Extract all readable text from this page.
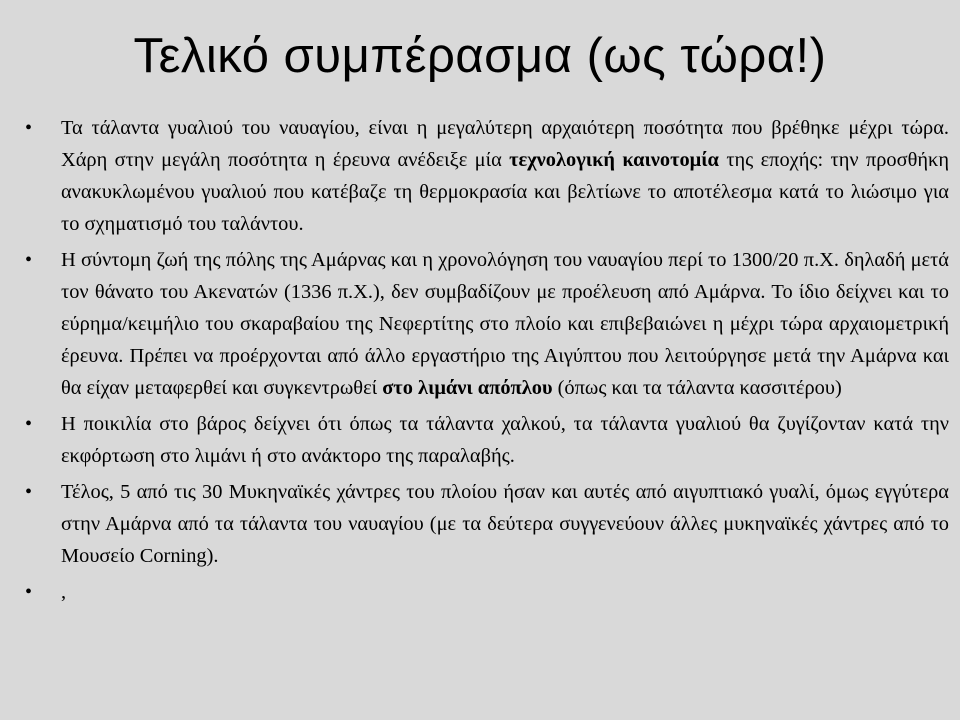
Τελικό συμπέρασμα (ως τώρα!)
• Τα τάλαντα γυαλιού του ναυαγίου, είναι η μεγαλύτερη αρχαιότερη ποσότητα που βρέθηκε μέχρι τώρα. Χάρη στην μεγάλη ποσότητα η έρευνα ανέδειξε μία τεχνολογική καινοτομία της εποχής: την προσθήκη ανακυκλωμένου γυαλιού που κατέβαζε τη θερμοκρασία και βελτίωνε το αποτέλεσμα κατά το λιώσιμο για το σχηματισμό του ταλάντου.
• Η σύντομη ζωή της πόλης της Αμάρνας και η χρονολόγηση του ναυαγίου περί το 1300/20 π.Χ. δηλαδή μετά τον θάνατο του Ακενατών (1336 π.Χ.), δεν συμβαδίζουν με προέλευση από Αμάρνα. Το ίδιο δείχνει και το εύρημα/κειμήλιο του σκαραβαίου της Νεφερτίτης στο πλοίο και επιβεβαιώνει η μέχρι τώρα αρχαιομετρική έρευνα. Πρέπει να προέρχονται από άλλο εργαστήριο της Αιγύπτου που λειτούργησε μετά την Αμάρνα και θα είχαν μεταφερθεί και συγκεντρωθεί στο λιμάνι απόπλου (όπως και τα τάλαντα κασσιτέρου)
• Η ποικιλία στο βάρος δείχνει ότι όπως τα τάλαντα χαλκού, τα τάλαντα γυαλιού θα ζυγίζονταν κατά την εκφόρτωση στο λιμάνι ή στο ανάκτορο της παραλαβής.
• Τέλος, 5 από τις 30 Μυκηναϊκές χάντρες του πλοίου ήσαν και αυτές από αιγυπτιακό γυαλί, όμως εγγύτερα στην Αμάρνα από τα τάλαντα του ναυαγίου (με τα δεύτερα συγγενεύουν άλλες μυκηναϊκές χάντρες από το Μουσείο Corning).
• ,
